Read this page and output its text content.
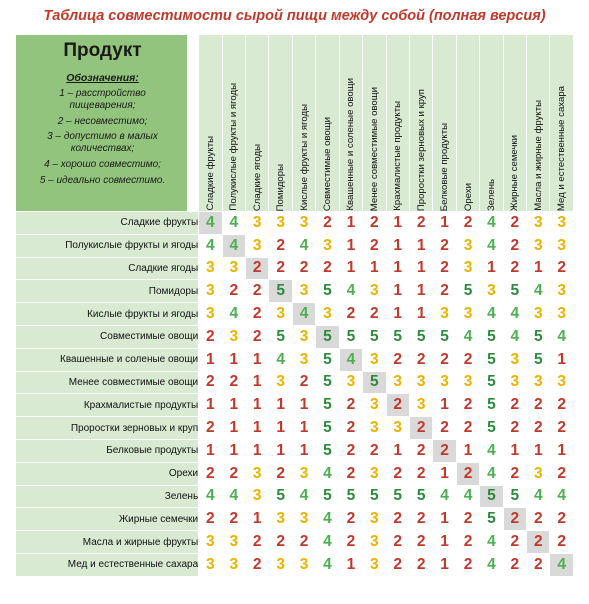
Таблица совместимости сырой пищи между собой (полная версия)

	Сладкие фрукты	Полукислые фрукты и ягоды	Сладкие ягоды	Помидоры	Кислые фрукты и ягоды	Совместимые овощи	Квашенные и соленые овощи	Менее совместимые овощи	Крахмалистые продукты	Проростки зерновых и круп	Белковые продукты	Орехи	Зелень	Жирные семечки	Масла и жирные фрукты	Мед и естественные сахара

Сладкие фрукты	4	4	3	3	3	2	1	2	1	2	1	2	4	2	3	3
Полукислые фрукты и ягоды	4	4	3	2	4	3	1	2	1	1	2	3	4	2	3	3
Сладкие ягоды	3	3	2	2	2	2	1	1	1	1	2	3	1	2	1	2
Помидоры	3	2	2	5	3	5	4	3	1	1	2	5	3	5	4	3
Кислые фрукты и ягоды	3	4	2	3	4	3	2	2	1	1	3	3	4	4	3	3
Совместимые овощи	2	3	2	5	3	5	5	5	5	5	5	4	5	4	5	4
Квашенные и соленые овощи	1	1	1	4	3	5	4	3	2	2	2	2	5	3	5	1
Менее совместимые овощи	2	2	1	3	2	5	3	5	3	3	3	3	5	3	3	3
Крахмалистые продукты	1	1	1	1	1	5	2	3	2	3	1	2	5	2	2	2
Проростки зерновых и круп	2	1	1	1	1	5	2	3	3	2	2	2	5	2	2	2
Белковые продукты	1	1	1	1	1	5	2	2	1	2	2	1	4	1	1	1
Орехи	2	2	3	2	3	4	2	3	2	2	1	2	4	2	3	2
Зелень	4	4	3	5	4	5	5	5	5	5	4	4	5	5	4	4
Жирные семечки	2	2	1	3	3	4	2	3	2	2	1	2	5	2	2	2
Масла и жирные фрукты	3	3	2	2	2	4	2	3	2	2	1	2	4	2	2	2
Мед и естественные сахара	3	3	2	3	3	4	1	3	2	2	1	2	4	2	2	4
Продукт
Обозначения:
1 – расстройство
пищеварения;
2 – несовместимо;
3 – допустимо в малых
количествах;
4 – хорошо совместимо;
5 – идеально совместимо.
